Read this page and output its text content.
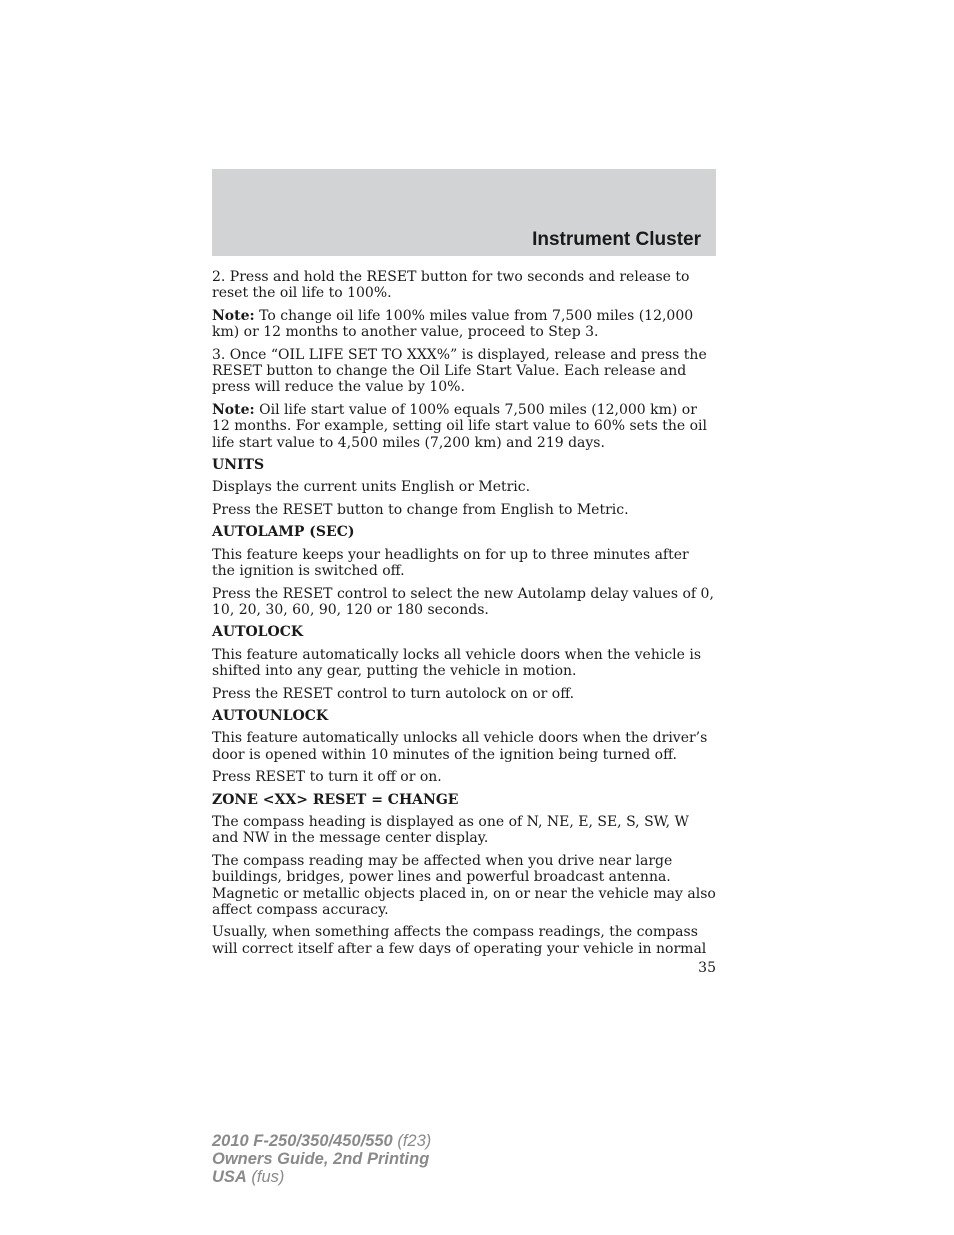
Instrument Cluster

2. Press and hold the RESET button for two seconds and release to reset the oil life to 100%.

Note: To change oil life 100% miles value from 7,500 miles (12,000 km) or 12 months to another value, proceed to Step 3.

3. Once “OIL LIFE SET TO XXX%” is displayed, release and press the RESET button to change the Oil Life Start Value. Each release and press will reduce the value by 10%.

Note: Oil life start value of 100% equals 7,500 miles (12,000 km) or 12 months. For example, setting oil life start value to 60% sets the oil life start value to 4,500 miles (7,200 km) and 219 days.

UNITS

Displays the current units English or Metric.

Press the RESET button to change from English to Metric.

AUTOLAMP (SEC)

This feature keeps your headlights on for up to three minutes after the ignition is switched off.

Press the RESET control to select the new Autolamp delay values of 0, 10, 20, 30, 60, 90, 120 or 180 seconds.

AUTOLOCK

This feature automatically locks all vehicle doors when the vehicle is shifted into any gear, putting the vehicle in motion.

Press the RESET control to turn autolock on or off.

AUTOUNLOCK

This feature automatically unlocks all vehicle doors when the driver’s door is opened within 10 minutes of the ignition being turned off.

Press RESET to turn it off or on.

ZONE <XX> RESET = CHANGE

The compass heading is displayed as one of N, NE, E, SE, S, SW, W and NW in the message center display.

The compass reading may be affected when you drive near large buildings, bridges, power lines and powerful broadcast antenna. Magnetic or metallic objects placed in, on or near the vehicle may also affect compass accuracy.

Usually, when something affects the compass readings, the compass will correct itself after a few days of operating your vehicle in normal

35
2010 F-250/350/450/550 (f23)
Owners Guide, 2nd Printing
USA (fus)
